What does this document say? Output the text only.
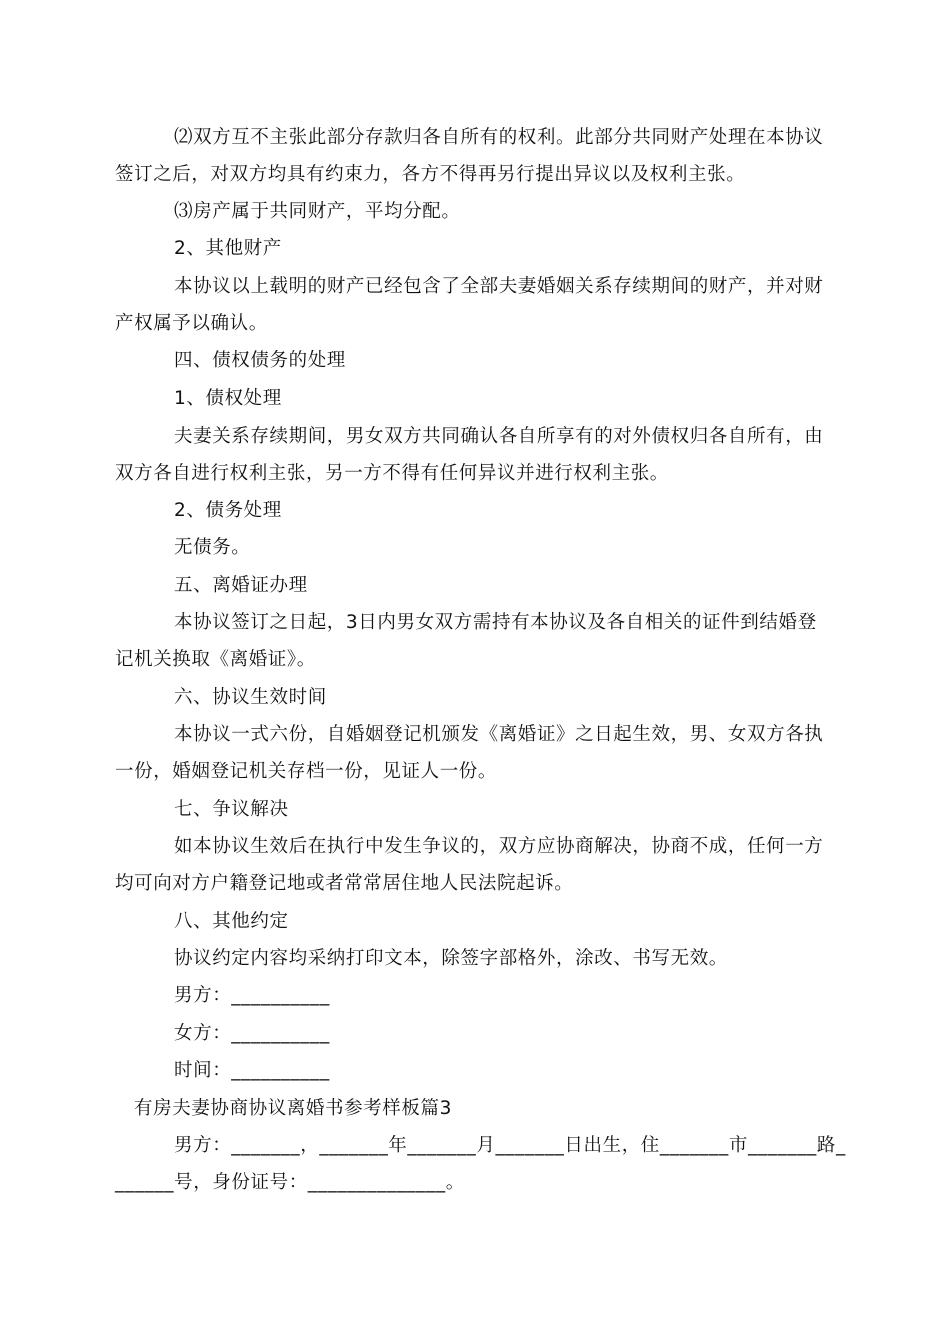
⑵双方互不主张此部分存款归各自所有的权利。此部分共同财产处理在本协议
签订之后，对双方均具有约束力，各方不得再另行提出异议以及权利主张。
⑶房产属于共同财产，平均分配。
2、其他财产
本协议以上载明的财产已经包含了全部夫妻婚姻关系存续期间的财产，并对财
产权属予以确认。
四、债权债务的处理
1、债权处理
夫妻关系存续期间，男女双方共同确认各自所享有的对外债权归各自所有，由
双方各自进行权利主张，另一方不得有任何异议并进行权利主张。
2、债务处理
无债务。
五、离婚证办理
本协议签订之日起，3日内男女双方需持有本协议及各自相关的证件到结婚登
记机关换取《离婚证》。
六、协议生效时间
本协议一式六份，自婚姻登记机颁发《离婚证》之日起生效，男、女双方各执
一份，婚姻登记机关存档一份，见证人一份。
七、争议解决
如本协议生效后在执行中发生争议的，双方应协商解决，协商不成，任何一方
均可向对方户籍登记地或者常常居住地人民法院起诉。
八、其他约定
协议约定内容均采纳打印文本，除签字部格外，涂改、书写无效。
男方：__________
女方：__________
时间：__________
有房夫妻协商协议离婚书参考样板篇3
男方：_______，_______年_______月_______日出生，住_______市_______路_
______号，身份证号：______________。
